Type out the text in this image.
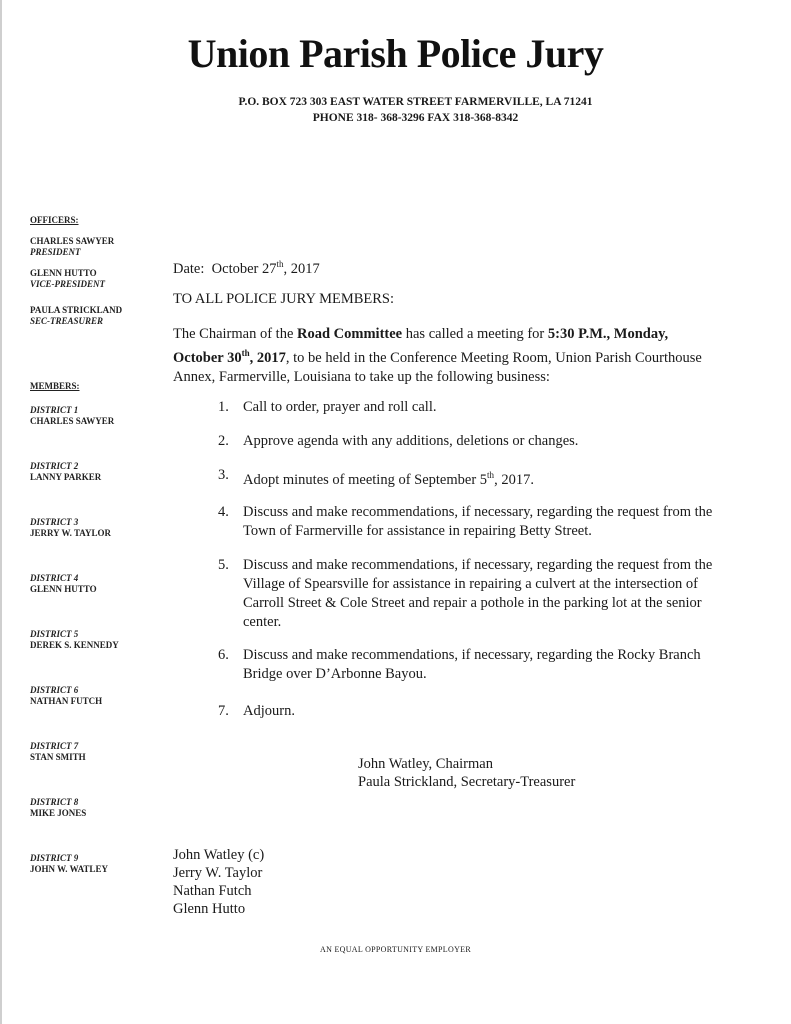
Union Parish Police Jury
P.O. BOX 723 303 EAST WATER STREET FARMERVILLE, LA 71241
PHONE 318- 368-3296 FAX 318-368-8342
OFFICERS:
CHARLES SAWYER
PRESIDENT
GLENN HUTTO
VICE-PRESIDENT
PAULA STRICKLAND
SEC-TREASURER
MEMBERS:
DISTRICT 1
CHARLES SAWYER
DISTRICT 2
LANNY PARKER
DISTRICT 3
JERRY W. TAYLOR
DISTRICT 4
GLENN HUTTO
DISTRICT 5
DEREK S. KENNEDY
DISTRICT 6
NATHAN FUTCH
DISTRICT 7
STAN SMITH
DISTRICT 8
MIKE JONES
DISTRICT 9
JOHN W. WATLEY
Date: October 27th, 2017
TO ALL POLICE JURY MEMBERS:
The Chairman of the Road Committee has called a meeting for 5:30 P.M., Monday, October 30th, 2017, to be held in the Conference Meeting Room, Union Parish Courthouse Annex, Farmerville, Louisiana to take up the following business:
1. Call to order, prayer and roll call.
2. Approve agenda with any additions, deletions or changes.
3. Adopt minutes of meeting of September 5th, 2017.
4. Discuss and make recommendations, if necessary, regarding the request from the Town of Farmerville for assistance in repairing Betty Street.
5. Discuss and make recommendations, if necessary, regarding the request from the Village of Spearsville for assistance in repairing a culvert at the intersection of Carroll Street & Cole Street and repair a pothole in the parking lot at the senior center.
6. Discuss and make recommendations, if necessary, regarding the Rocky Branch Bridge over D’Arbonne Bayou.
7. Adjourn.
John Watley, Chairman
Paula Strickland, Secretary-Treasurer
John Watley (c)
Jerry W. Taylor
Nathan Futch
Glenn Hutto
AN EQUAL OPPORTUNITY EMPLOYER
